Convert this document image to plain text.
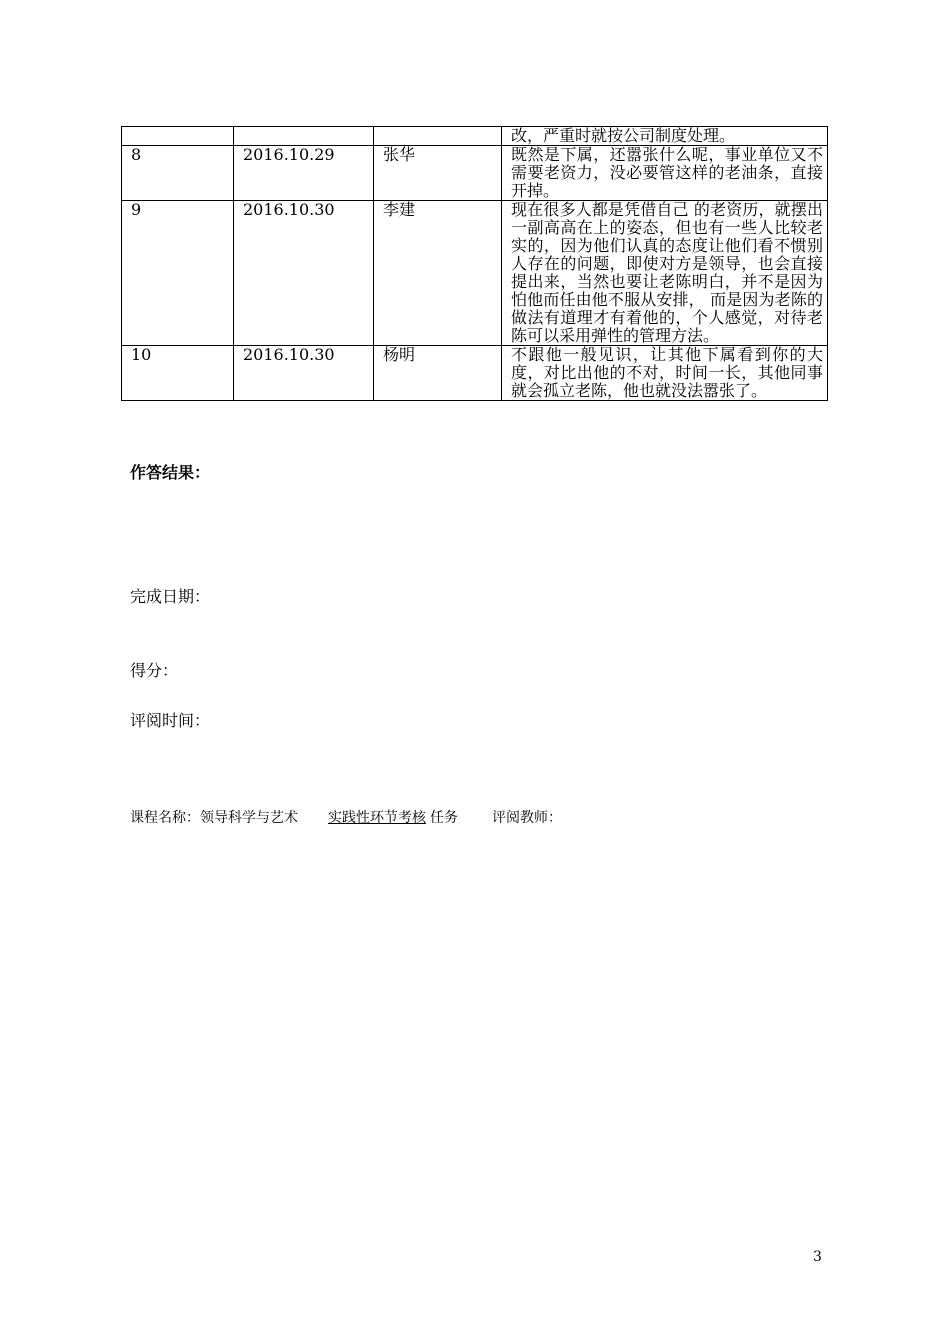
			改，严重时就按公司制度处理。
8	2016.10.29	张华	既然是下属，还嚣张什么呢，事业单位又不需要老资力，没必要管这样的老油条，直接开掉。
9	2016.10.30	李建	现在很多人都是凭借自己 的老资历，就摆出一副高高在上的姿态，但也有一些人比较老实的，因为他们认真的态度让他们看不惯别人存在的问题，即使对方是领导，也会直接提出来，当然也要让老陈明白，并不是因为怕他而任由他不服从安排， 而是因为老陈的做法有道理才有着他的，个人感觉，对待老陈可以采用弹性的管理方法。
10	2016.10.30	杨明	不跟他一般见识，让其他下属看到你的大度，对比出他的不对，时间一长，其他同事就会孤立老陈，他也就没法嚣张了。
作答结果：
完成日期：
得分：
评阅时间：
课程名称：领导科学与艺术 实践性环节考核 任务 评阅教师：
3
